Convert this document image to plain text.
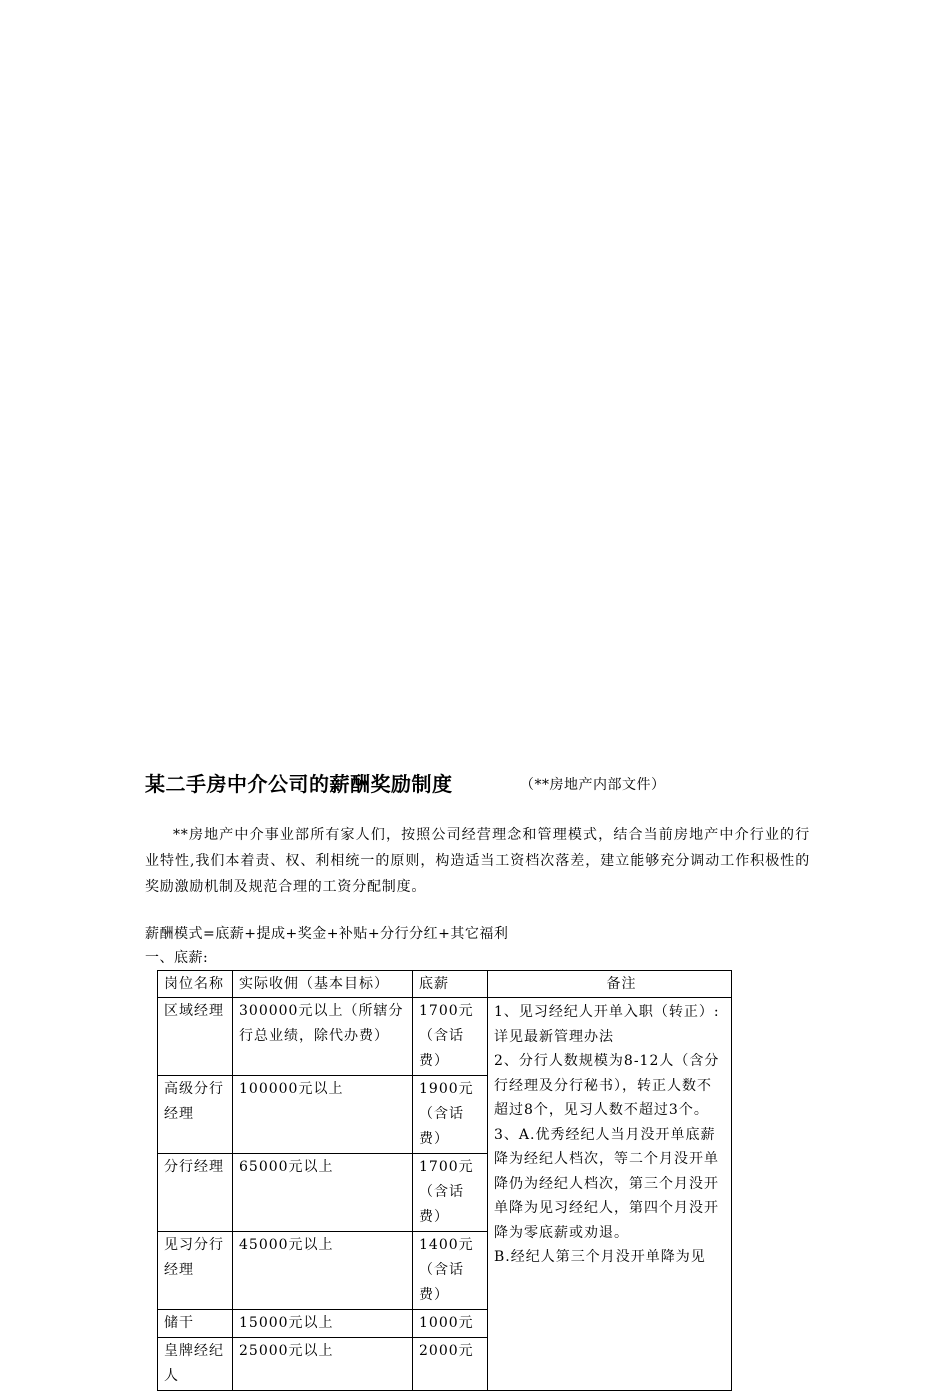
某二手房中介公司的薪酬奖励制度	（**房地产内部文件）

**房地产中介事业部所有家人们，按照公司经营理念和管理模式，结合当前房地产中介行业的行业特性,我们本着责、权、利相统一的原则，构造适当工资档次落差，建立能够充分调动工作积极性的奖励激励机制及规范合理的工资分配制度。

薪酬模式=底薪+提成+奖金+补贴+分行分红+其它福利
一、底薪:
岗位名称	实际收佣（基本目标）	底薪	备注
区域经理	300000元以上（所辖分行总业绩，除代办费）	1700元（含话费）	1、见习经纪人开单入职（转正）:详见最新管理办法
2、分行人数规模为8-12人（含分行经理及分行秘书），转正人数不超过8个，见习人数不超过3个。
3、A.优秀经纪人当月没开单底薪降为经纪人档次，等二个月没开单降仍为经纪人档次，第三个月没开单降为见习经纪人，第四个月没开降为零底薪或劝退。
B.经纪人第三个月没开单降为见

高级分行经理	100000元以上	1900元（含话费）	
分行经理	65000元以上	1700元（含话费）	
见习分行经理	45000元以上	1400元（含话费）	
储干	15000元以上	1000元	
皇牌经纪人	25000元以上	2000元	
